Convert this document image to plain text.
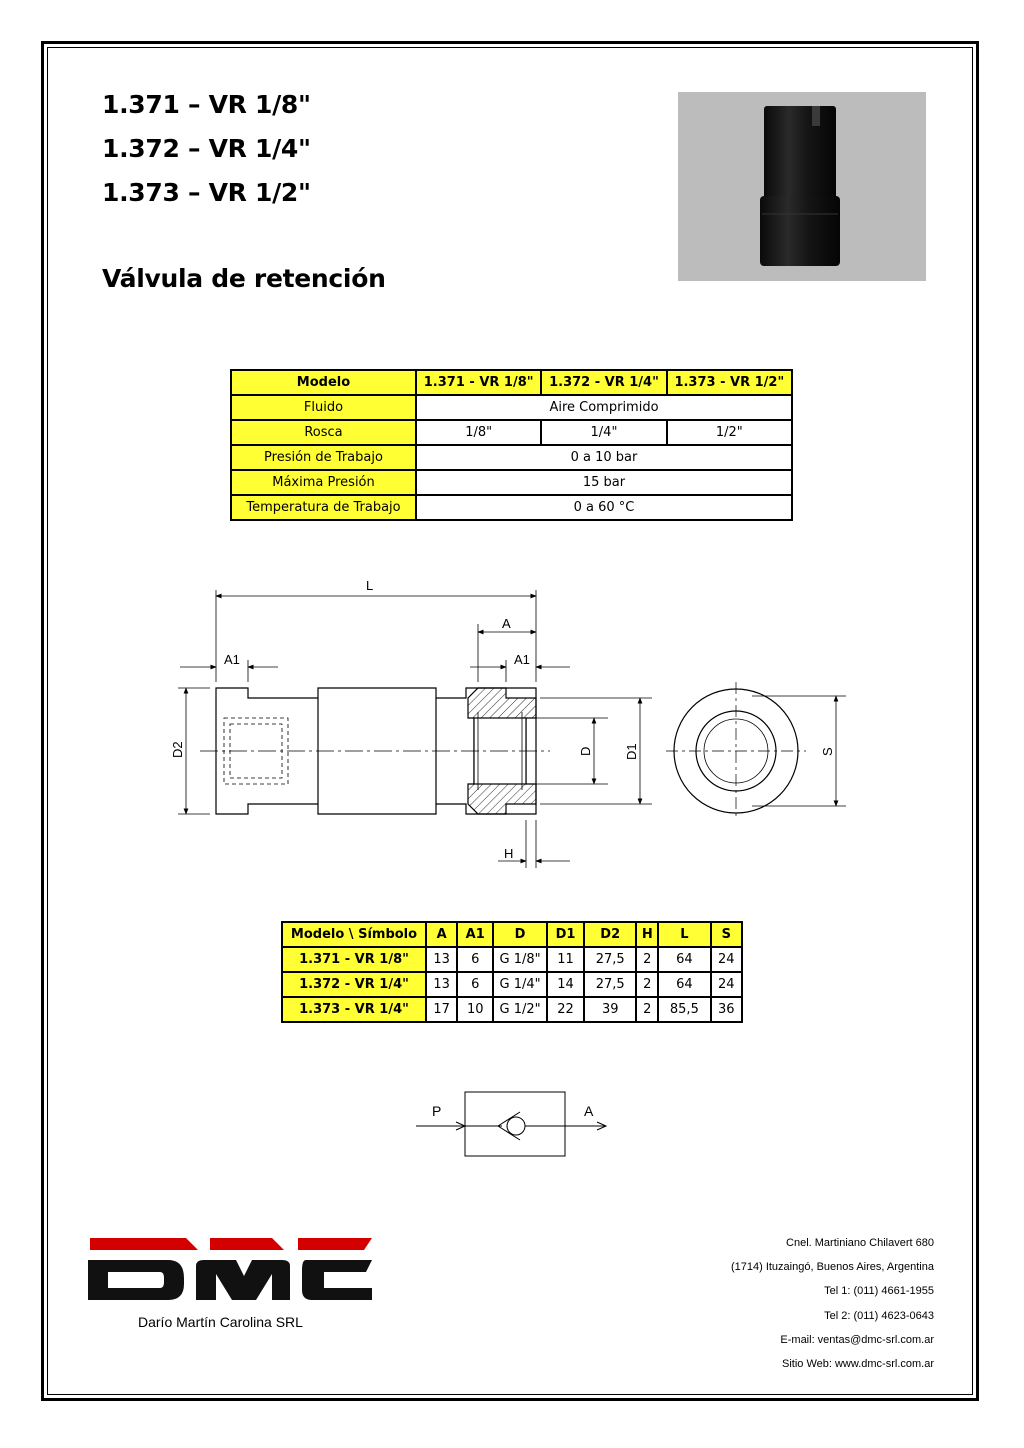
1.371 – VR 1/8"
1.372 – VR 1/4"
1.373 – VR 1/2"
Válvula de retención
Modelo	1.371 - VR 1/8"	1.372 - VR 1/4"	1.373 - VR 1/2"
Fluido	Aire Comprimido		
Rosca	1/8"	1/4"	1/2"
Presión de Trabajo	0 a 10 bar		
Máxima Presión	15 bar		
Temperatura de Trabajo	0 a 60 °C		
L
A
A1
A1
H
D2	D D1	S
Modelo \ Símbolo	A	A1	D	D1	D2	H	L	S
1.371 - VR 1/8"	13	6	G 1/8"	11	27,5	2	64	24
1.372 - VR 1/4"	13	6	G 1/4"	14	27,5	2	64	24
1.373 - VR 1/4"	17	10	G 1/2"	22	39	2	85,5	36
P	A
DMC
Darío Martín Carolina SRL
Cnel. Martiniano Chilavert 680
(1714) Ituzaingó, Buenos Aires, Argentina
Tel 1: (011) 4661-1955
Tel 2: (011) 4623-0643
E-mail: ventas@dmc-srl.com.ar
Sitio Web: www.dmc-srl.com.ar
